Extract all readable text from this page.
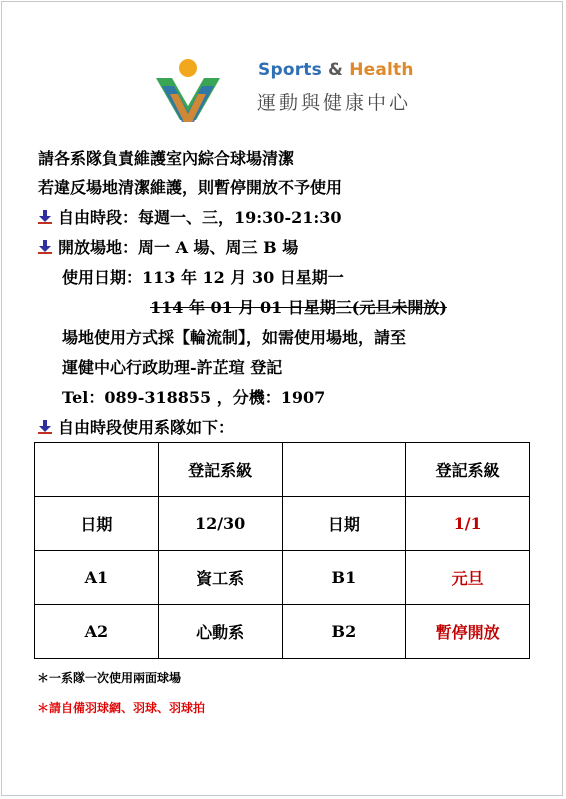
Sports & Health
運動與健康中心
請各系隊負責維護室內綜合球場清潔
若違反場地清潔維護，則暫停開放不予使用
自由時段：每週一、三，19:30-21:30
開放場地：周一 A 場、周三 B 場
使用日期：113 年 12 月 30 日星期一
114 年 01 月 01 日星期三(元旦未開放)
場地使用方式採【輪流制】，如需使用場地，請至
運健中心行政助理-許芷瑄 登記
Tel：089-318855 ，分機：1907
自由時段使用系隊如下：
	登記系級		登記系級
日期	12/30	日期	1/1
A1	資工系	B1	元旦
A2	心動系	B2	暫停開放
＊一系隊一次使用兩面球場
＊請自備羽球網、羽球、羽球拍
